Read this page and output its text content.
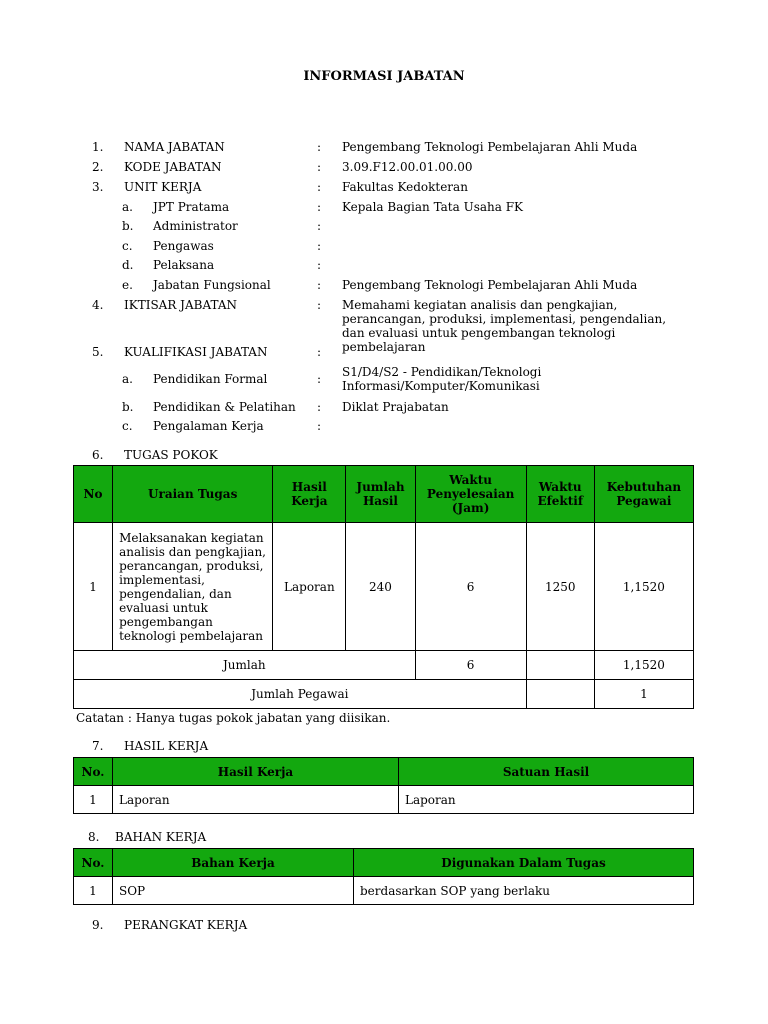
INFORMASI JABATAN
1. NAMA JABATAN	: Pengembang Teknologi Pembelajaran Ahli Muda
2. KODE JABATAN	: 3.09.F12.00.01.00.00
3. UNIT KERJA	: Fakultas Kedokteran
a. JPT Pratama	: Kepala Bagian Tata Usaha FK
b. Administrator	:
c. Pengawas	:
d. Pelaksana	:
e. Jabatan Fungsional	: Pengembang Teknologi Pembelajaran Ahli Muda
4. IKTISAR JABATAN	: Memahami kegiatan analisis dan pengkajian, perancangan, produksi, implementasi, pengendalian, dan evaluasi untuk pengembangan teknologi pembelajaran
5. KUALIFIKASI JABATAN	:
a. Pendidikan Formal	: S1/D4/S2 - Pendidikan/Teknologi Informasi/Komputer/Komunikasi
b. Pendidikan & Pelatihan : Diklat Prajabatan
c. Pengalaman Kerja	:
6. TUGAS POKOK
No	Uraian Tugas	Hasil Kerja	Jumlah Hasil	Waktu Penyelesaian (Jam)	Waktu Efektif	Kebutuhan Pegawai
1	Melaksanakan kegiatan analisis dan pengkajian, perancangan, produksi, implementasi, pengendalian, dan evaluasi untuk pengembangan teknologi pembelajaran	Laporan	240	6	1250	1,1520
Jumlah				6		1,1520
Jumlah Pegawai						1
Catatan : Hanya tugas pokok jabatan yang diisikan.
7. HASIL KERJA
No.	Hasil Kerja	Satuan Hasil
1	Laporan	Laporan
8. BAHAN KERJA
No.	Bahan Kerja	Digunakan Dalam Tugas
1	SOP	berdasarkan SOP yang berlaku
9. PERANGKAT KERJA
